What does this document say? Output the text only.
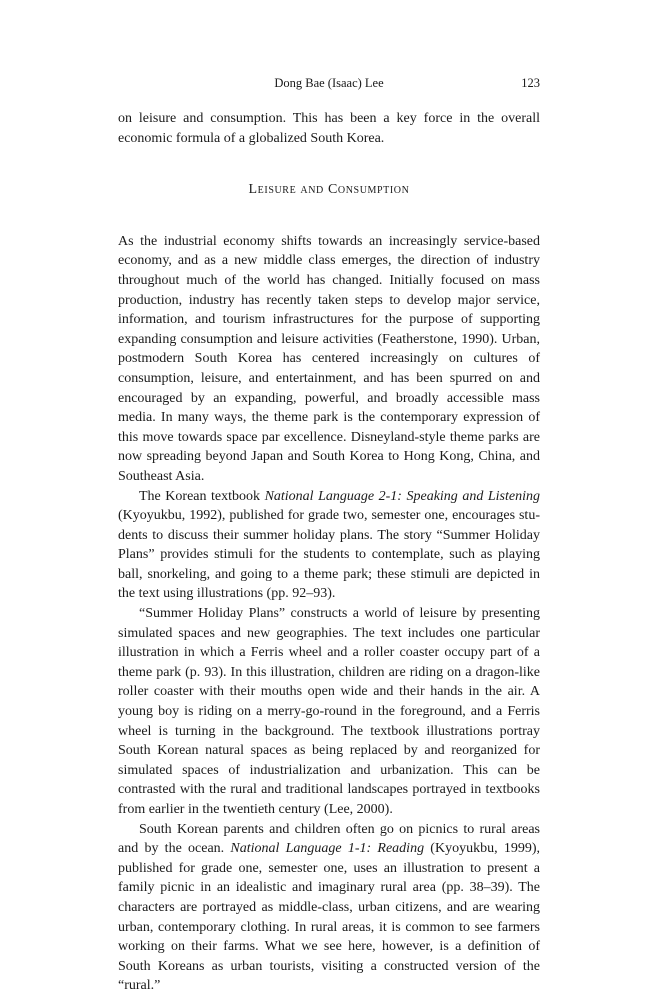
Dong Bae (Isaac) Lee	123

on leisure and consumption. This has been a key force in the overall economic formula of a globalized South Korea.

Leisure and Consumption

As the industrial economy shifts towards an increasingly service-based economy, and as a new middle class emerges, the direction of industry throughout much of the world has changed. Initially focused on mass production, industry has recently taken steps to develop major service, information, and tourism infrastructures for the purpose of supporting expanding consumption and leisure activities (Featherstone, 1990). Urban, postmodern South Korea has centered increasingly on cultures of consumption, leisure, and entertainment, and has been spurred on and encouraged by an expanding, powerful, and broadly accessible mass media. In many ways, the theme park is the contemporary expression of this move towards space par excellence. Disneyland-style theme parks are now spreading beyond Japan and South Korea to Hong Kong, China, and Southeast Asia.

The Korean textbook National Language 2-1: Speaking and Listening (Kyoyukbu, 1992), published for grade two, semester one, encourages students to discuss their summer holiday plans. The story “Summer Holiday Plans” provides stimuli for the students to contemplate, such as playing ball, snorkeling, and going to a theme park; these stimuli are depicted in the text using illustrations (pp. 92–93).

“Summer Holiday Plans” constructs a world of leisure by presenting simulated spaces and new geographies. The text includes one particular illustration in which a Ferris wheel and a roller coaster occupy part of a theme park (p. 93). In this illustration, children are riding on a dragon-like roller coaster with their mouths open wide and their hands in the air. A young boy is riding on a merry-go-round in the foreground, and a Ferris wheel is turning in the background. The textbook illustrations portray South Korean natural spaces as being replaced by and reorganized for simulated spaces of industrialization and urbanization. This can be contrasted with the rural and traditional landscapes portrayed in textbooks from earlier in the twentieth century (Lee, 2000).

South Korean parents and children often go on picnics to rural areas and by the ocean. National Language 1-1: Reading (Kyoyukbu, 1999), published for grade one, semester one, uses an illustration to present a family picnic in an idealistic and imaginary rural area (pp. 38–39). The characters are portrayed as middle-class, urban citizens, and are wearing urban, contemporary clothing. In rural areas, it is common to see farmers working on their farms. What we see here, however, is a definition of South Koreans as urban tourists, visiting a constructed version of the “rural.”
